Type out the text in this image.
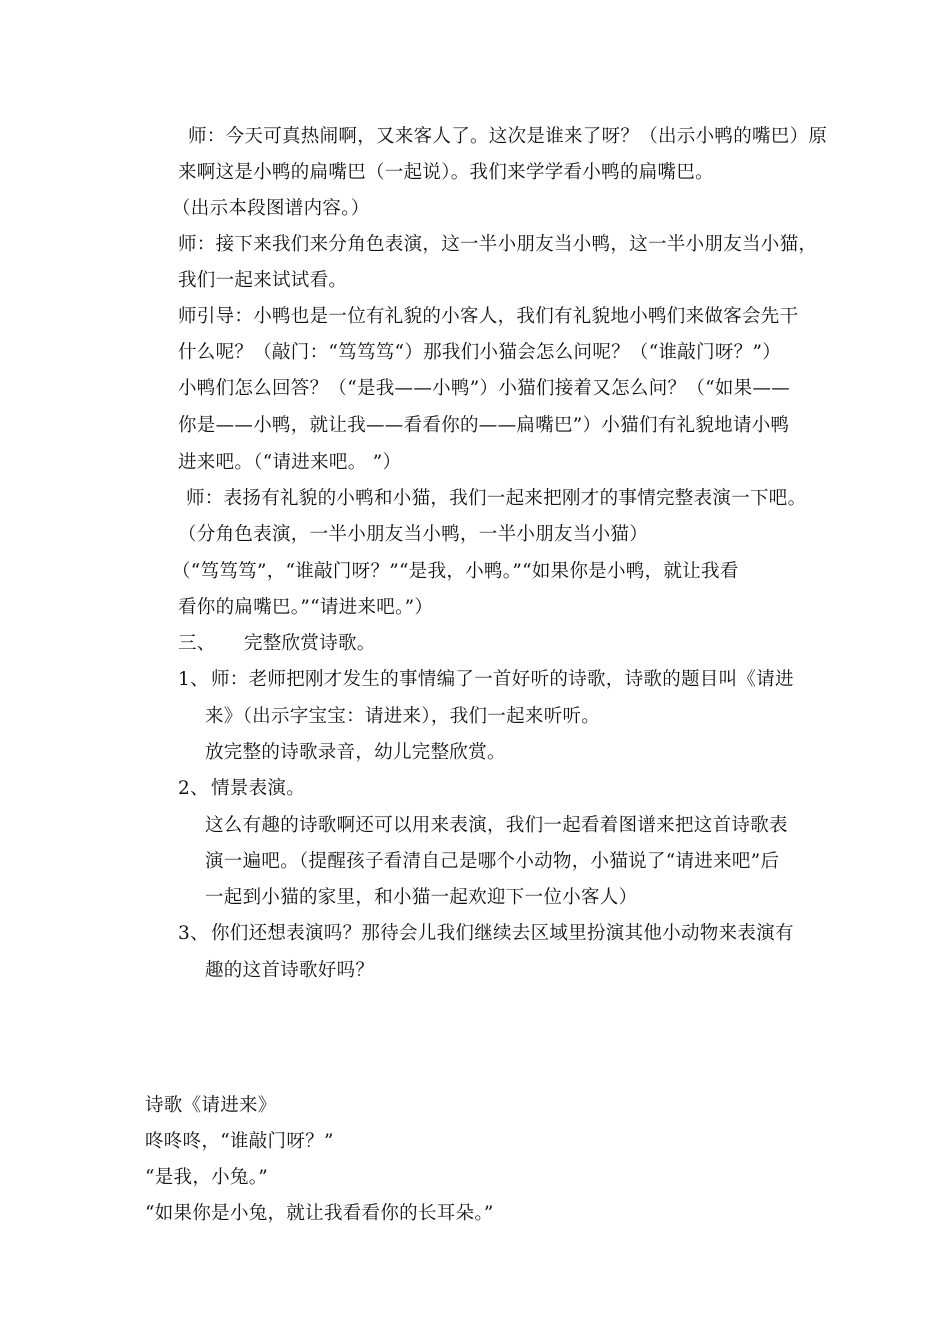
师：今天可真热闹啊，又来客人了。这次是谁来了呀？（出示小鸭的嘴巴）原
来啊这是小鸭的扁嘴巴（一起说）。我们来学学看小鸭的扁嘴巴。
（出示本段图谱内容。）
师：接下来我们来分角色表演，这一半小朋友当小鸭，这一半小朋友当小猫，
我们一起来试试看。
师引导：小鸭也是一位有礼貌的小客人，我们有礼貌地小鸭们来做客会先干
什么呢？（敲门：“笃笃笃“）那我们小猫会怎么问呢？（“谁敲门呀？”）
小鸭们怎么回答？（“是我——小鸭”）小猫们接着又怎么问？（“如果——
你是——小鸭，就让我——看看你的——扁嘴巴”）小猫们有礼貌地请小鸭
进来吧。（“请进来吧。 ”）
师：表扬有礼貌的小鸭和小猫，我们一起来把刚才的事情完整表演一下吧。
（分角色表演，一半小朋友当小鸭，一半小朋友当小猫）
（“笃笃笃”，“谁敲门呀？”“是我，小鸭。”“如果你是小鸭，就让我看
看你的扁嘴巴。”“请进来吧。”）
三、 完整欣赏诗歌。
1、 师：老师把刚才发生的事情编了一首好听的诗歌，诗歌的题目叫《请进
来》（出示字宝宝：请进来），我们一起来听听。
放完整的诗歌录音，幼儿完整欣赏。
2、 情景表演。
这么有趣的诗歌啊还可以用来表演，我们一起看着图谱来把这首诗歌表
演一遍吧。（提醒孩子看清自己是哪个小动物，小猫说了“请进来吧”后
一起到小猫的家里，和小猫一起欢迎下一位小客人）
3、 你们还想表演吗？那待会儿我们继续去区域里扮演其他小动物来表演有
趣的这首诗歌好吗？
诗歌《请进来》
咚咚咚，“谁敲门呀？”
“是我，小兔。”
“如果你是小兔，就让我看看你的长耳朵。”
